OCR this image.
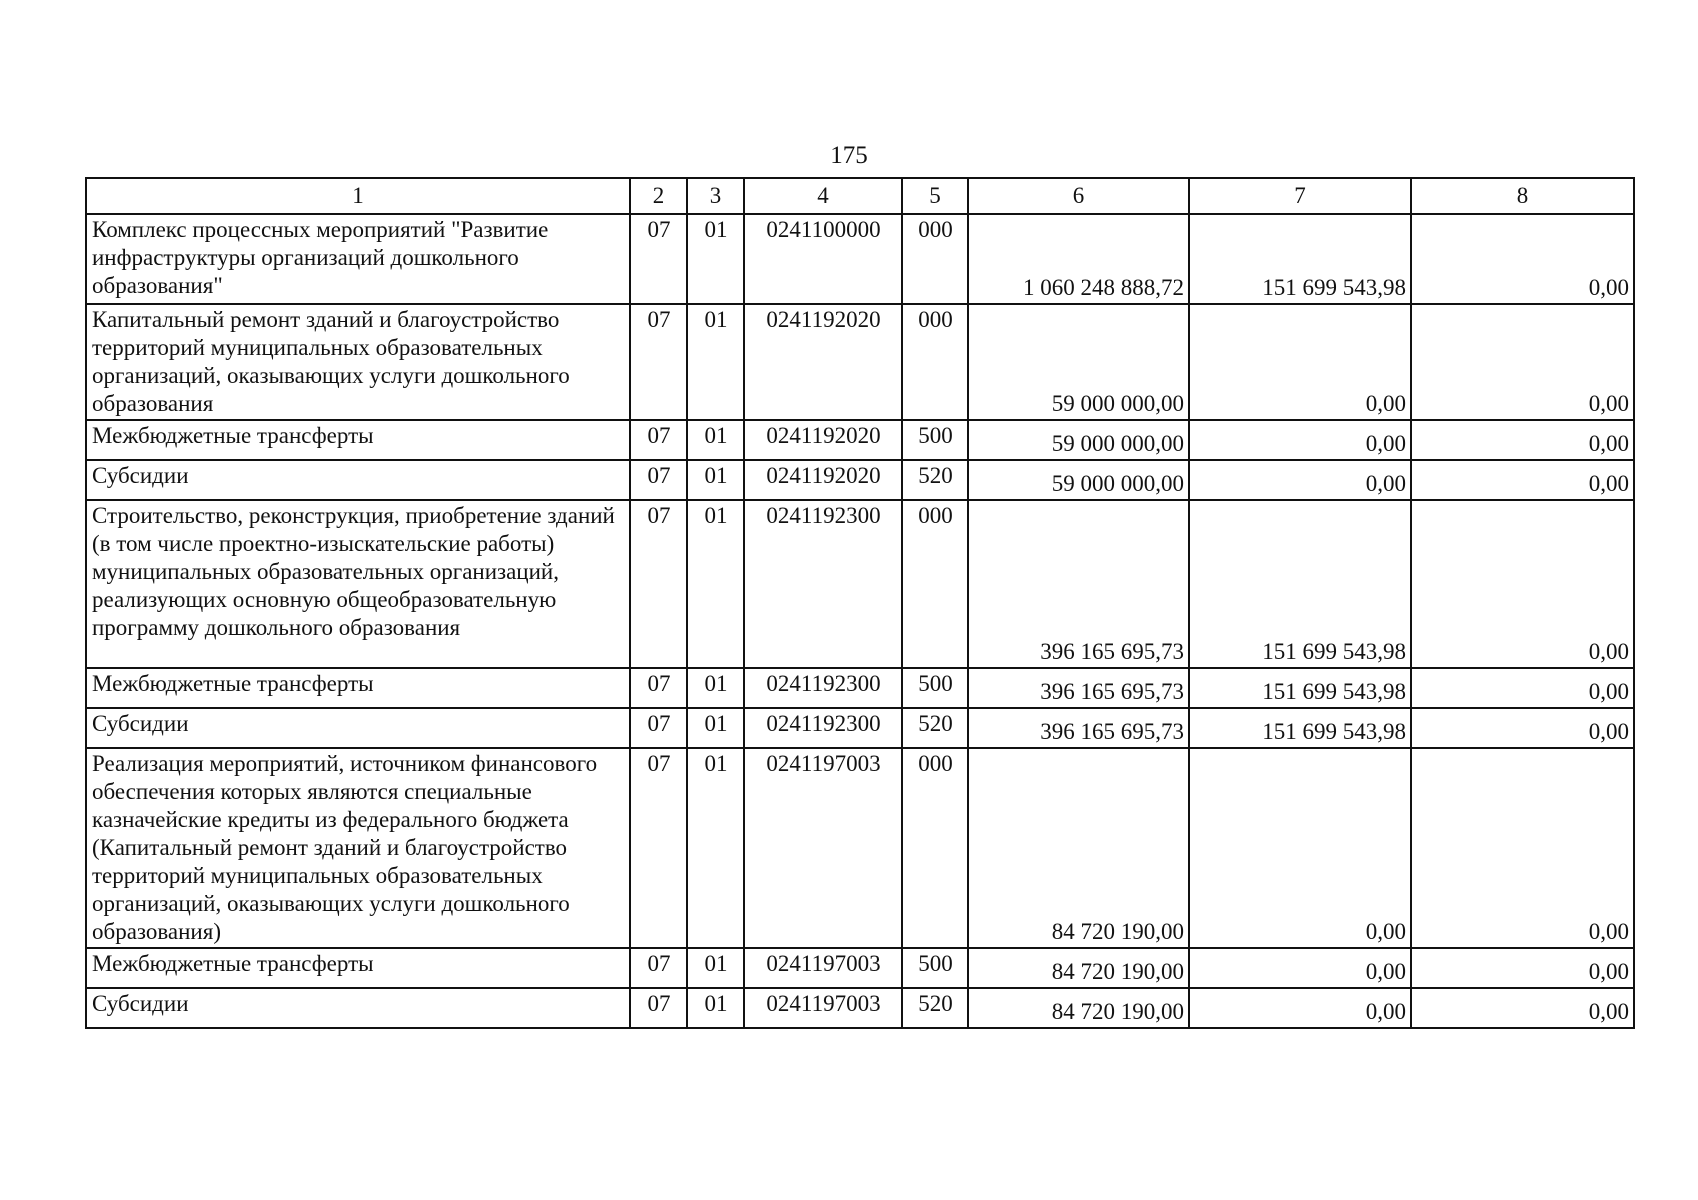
175
1	2	3	4	5	6	7	8
Комплекс процессных мероприятий "Развитие инфраструктуры организаций дошкольного образования"	07	01	0241100000	000	1 060 248 888,72	151 699 543,98	0,00
Капитальный ремонт зданий и благоустройство территорий муниципальных образовательных организаций, оказывающих услуги дошкольного образования	07	01	0241192020	000	59 000 000,00	0,00	0,00
Межбюджетные трансферты	07	01	0241192020	500	59 000 000,00	0,00	0,00
Субсидии	07	01	0241192020	520	59 000 000,00	0,00	0,00
Строительство, реконструкция, приобретение зданий (в том числе проектно-изыскательские работы) муниципальных образовательных организаций, реализующих основную общеобразовательную программу дошкольного образования	07	01	0241192300	000	396 165 695,73	151 699 543,98	0,00
Межбюджетные трансферты	07	01	0241192300	500	396 165 695,73	151 699 543,98	0,00
Субсидии	07	01	0241192300	520	396 165 695,73	151 699 543,98	0,00
Реализация мероприятий, источником финансового обеспечения которых являются специальные казначейские кредиты из федерального бюджета (Капитальный ремонт зданий и благоустройство территорий муниципальных образовательных организаций, оказывающих услуги дошкольного образования)	07	01	0241197003	000	84 720 190,00	0,00	0,00
Межбюджетные трансферты	07	01	0241197003	500	84 720 190,00	0,00	0,00
Субсидии	07	01	0241197003	520	84 720 190,00	0,00	0,00
